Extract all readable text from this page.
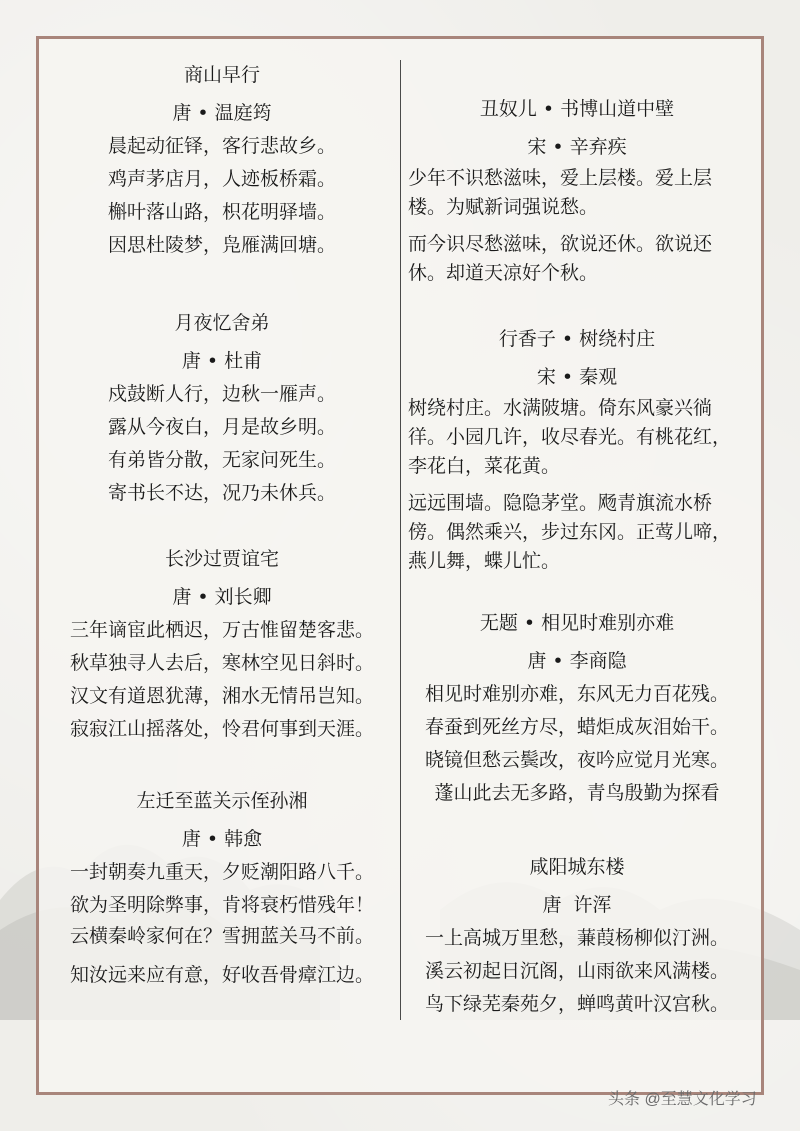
商山早行

唐 • 温庭筠

晨起动征铎，客行悲故乡。

鸡声茅店月，人迹板桥霜。

槲叶落山路，枳花明驿墙。

因思杜陵梦，凫雁满回塘。

月夜忆舍弟

唐 • 杜甫

戍鼓断人行，边秋一雁声。

露从今夜白，月是故乡明。

有弟皆分散，无家问死生。

寄书长不达，况乃未休兵。

长沙过贾谊宅

唐 • 刘长卿

三年谪宦此栖迟，万古惟留楚客悲。

秋草独寻人去后，寒林空见日斜时。

汉文有道恩犹薄，湘水无情吊岂知。

寂寂江山摇落处，怜君何事到天涯。

左迁至蓝关示侄孙湘

唐 • 韩愈

一封朝奏九重天，夕贬潮阳路八千。

欲为圣明除弊事，肯将衰朽惜残年！

云横秦岭家何在？雪拥蓝关马不前。

知汝远来应有意，好收吾骨瘴江边。

丑奴儿 • 书博山道中壁

宋 • 辛弃疾

少年不识愁滋味，爱上层楼。爱上层楼。为赋新词强说愁。

而今识尽愁滋味，欲说还休。欲说还休。却道天凉好个秋。

行香子 • 树绕村庄

宋 • 秦观

树绕村庄。水满陂塘。倚东风豪兴徜徉。小园几许，收尽春光。有桃花红，李花白，菜花黄。

远远围墙。隐隐茅堂。飏青旗流水桥傍。偶然乘兴，步过东冈。正莺儿啼，燕儿舞，蝶儿忙。

无题 • 相见时难别亦难

唐 • 李商隐

相见时难别亦难，东风无力百花残。

春蚕到死丝方尽，蜡炬成灰泪始干。

晓镜但愁云鬓改，夜吟应觉月光寒。

蓬山此去无多路，青鸟殷勤为探看

咸阳城东楼

唐  许浑

一上高城万里愁，蒹葭杨柳似汀洲。

溪云初起日沉阁，山雨欲来风满楼。

鸟下绿芜秦苑夕，蝉鸣黄叶汉宫秋。

头条 @至慧文化学习
